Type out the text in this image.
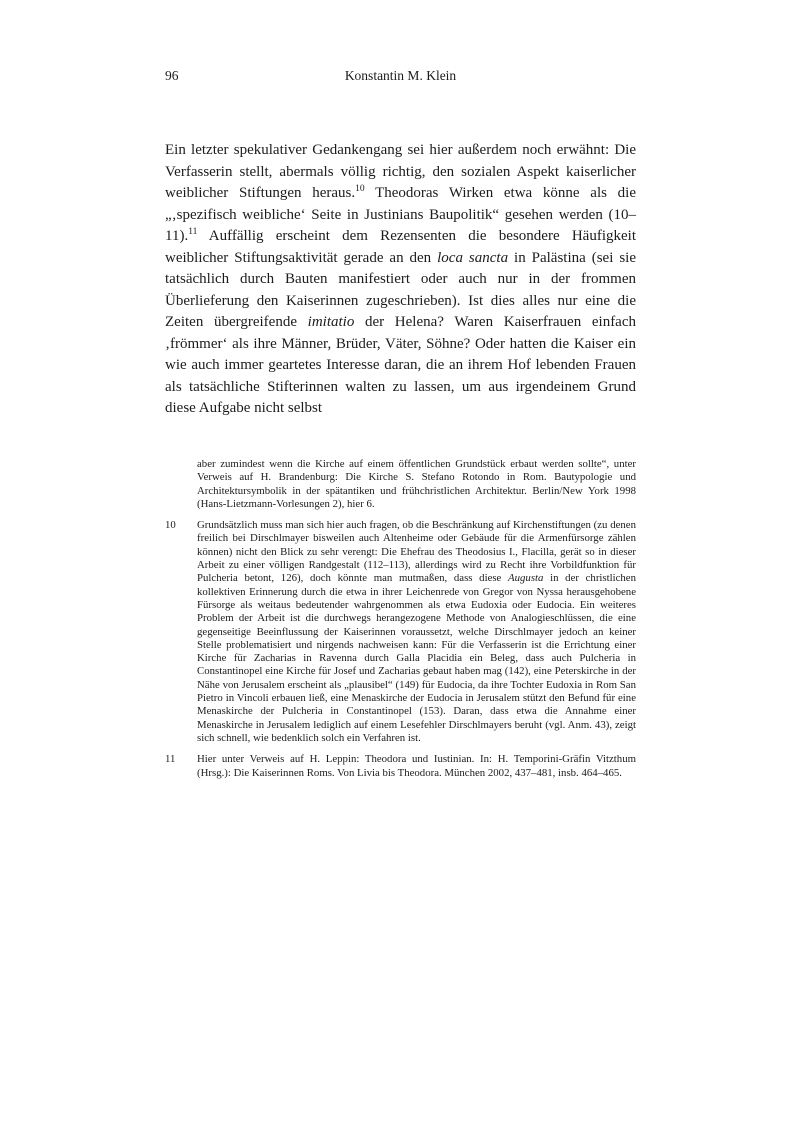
96	Konstantin M. Klein

Ein letzter spekulativer Gedankengang sei hier außerdem noch erwähnt: Die Verfasserin stellt, abermals völlig richtig, den sozialen Aspekt kaiserlicher weiblicher Stiftungen heraus.$^{10}$ Theodoras Wirken etwa könne als die „‚spezifisch weibliche‘ Seite in Justinians Baupolitik“ gesehen werden (10–11).$^{11}$ Auffällig erscheint dem Rezensenten die besondere Häufigkeit weiblicher Stiftungsaktivität gerade an den loca sancta in Palästina (sei sie tatsächlich durch Bauten manifestiert oder auch nur in der frommen Überlieferung den Kaiserinnen zugeschrieben). Ist dies alles nur eine die Zeiten übergreifende imitatio der Helena? Waren Kaiserfrauen einfach ‚frömmer‘ als ihre Männer, Brüder, Väter, Söhne? Oder hatten die Kaiser ein wie auch immer geartetes Interesse daran, die an ihrem Hof lebenden Frauen als tatsächliche Stifterinnen walten zu lassen, um aus irgendeinem Grund diese Aufgabe nicht selbst

aber zumindest wenn die Kirche auf einem öffentlichen Grundstück erbaut werden sollte“, unter Verweis auf H. Brandenburg: Die Kirche S. Stefano Rotondo in Rom. Bautypologie und Architektursymbolik in der spätantiken und frühchristlichen Architektur. Berlin/New York 1998 (Hans-Lietzmann-Vorlesungen 2), hier 6.

10 Grundsätzlich muss man sich hier auch fragen, ob die Beschränkung auf Kirchenstiftungen (zu denen freilich bei Dirschlmayer bisweilen auch Altenheime oder Gebäude für die Armenfürsorge zählen können) nicht den Blick zu sehr verengt: Die Ehefrau des Theodosius I., Flacilla, gerät so in dieser Arbeit zu einer völligen Randgestalt (112–113), allerdings wird zu Recht ihre Vorbildfunktion für Pulcheria betont, 126), doch könnte man mutmaßen, dass diese Augusta in der christlichen kollektiven Erinnerung durch die etwa in ihrer Leichenrede von Gregor von Nyssa herausgehobene Fürsorge als weitaus bedeutender wahrgenommen als etwa Eudoxia oder Eudocia. Ein weiteres Problem der Arbeit ist die durchwegs herangezogene Methode von Analogieschlüssen, die eine gegenseitige Beeinflussung der Kaiserinnen voraussetzt, welche Dirschlmayer jedoch an keiner Stelle problematisiert und nirgends nachweisen kann: Für die Verfasserin ist die Errichtung einer Kirche für Zacharias in Ravenna durch Galla Placidia ein Beleg, dass auch Pulcheria in Constantinopel eine Kirche für Josef und Zacharias gebaut haben mag (142), eine Peterskirche in der Nähe von Jerusalem erscheint als „plausibel“ (149) für Eudocia, da ihre Tochter Eudoxia in Rom San Pietro in Vincoli erbauen ließ, eine Menaskirche der Eudocia in Jerusalem stützt den Befund für eine Menaskirche der Pulcheria in Constantinopel (153). Daran, dass etwa die Annahme einer Menaskirche in Jerusalem lediglich auf einem Lesefehler Dirschlmayers beruht (vgl. Anm. 43), zeigt sich schnell, wie bedenklich solch ein Verfahren ist.

11 Hier unter Verweis auf H. Leppin: Theodora und Iustinian. In: H. Temporini-Gräfin Vitzthum (Hrsg.): Die Kaiserinnen Roms. Von Livia bis Theodora. München 2002, 437–481, insb. 464–465.
